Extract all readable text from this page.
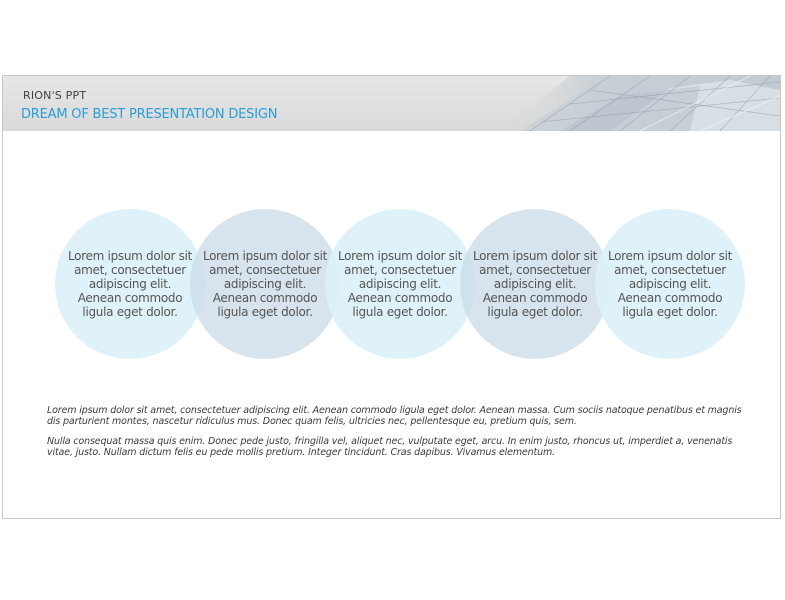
RION'S PPT
DREAM OF BEST PRESENTATION DESIGN
Lorem ipsum dolor sit amet, consectetuer adipiscing elit. Aenean commodo ligula eget dolor.
Lorem ipsum dolor sit amet, consectetuer adipiscing elit. Aenean commodo ligula eget dolor.
Lorem ipsum dolor sit amet, consectetuer adipiscing elit. Aenean commodo ligula eget dolor.
Lorem ipsum dolor sit amet, consectetuer adipiscing elit. Aenean commodo ligula eget dolor.
Lorem ipsum dolor sit amet, consectetuer adipiscing elit. Aenean commodo ligula eget dolor.
Lorem ipsum dolor sit amet, consectetuer adipiscing elit. Aenean commodo ligula eget dolor. Aenean massa. Cum sociis natoque penatibus et magnis dis parturient montes, nascetur ridiculus mus. Donec quam felis, ultricies nec, pellentesque eu, pretium quis, sem.
Nulla consequat massa quis enim. Donec pede justo, fringilla vel, aliquet nec, vulputate eget, arcu. In enim justo, rhoncus ut, imperdiet a, venenatis vitae, justo. Nullam dictum felis eu pede mollis pretium. Integer tincidunt. Cras dapibus. Vivamus elementum.
